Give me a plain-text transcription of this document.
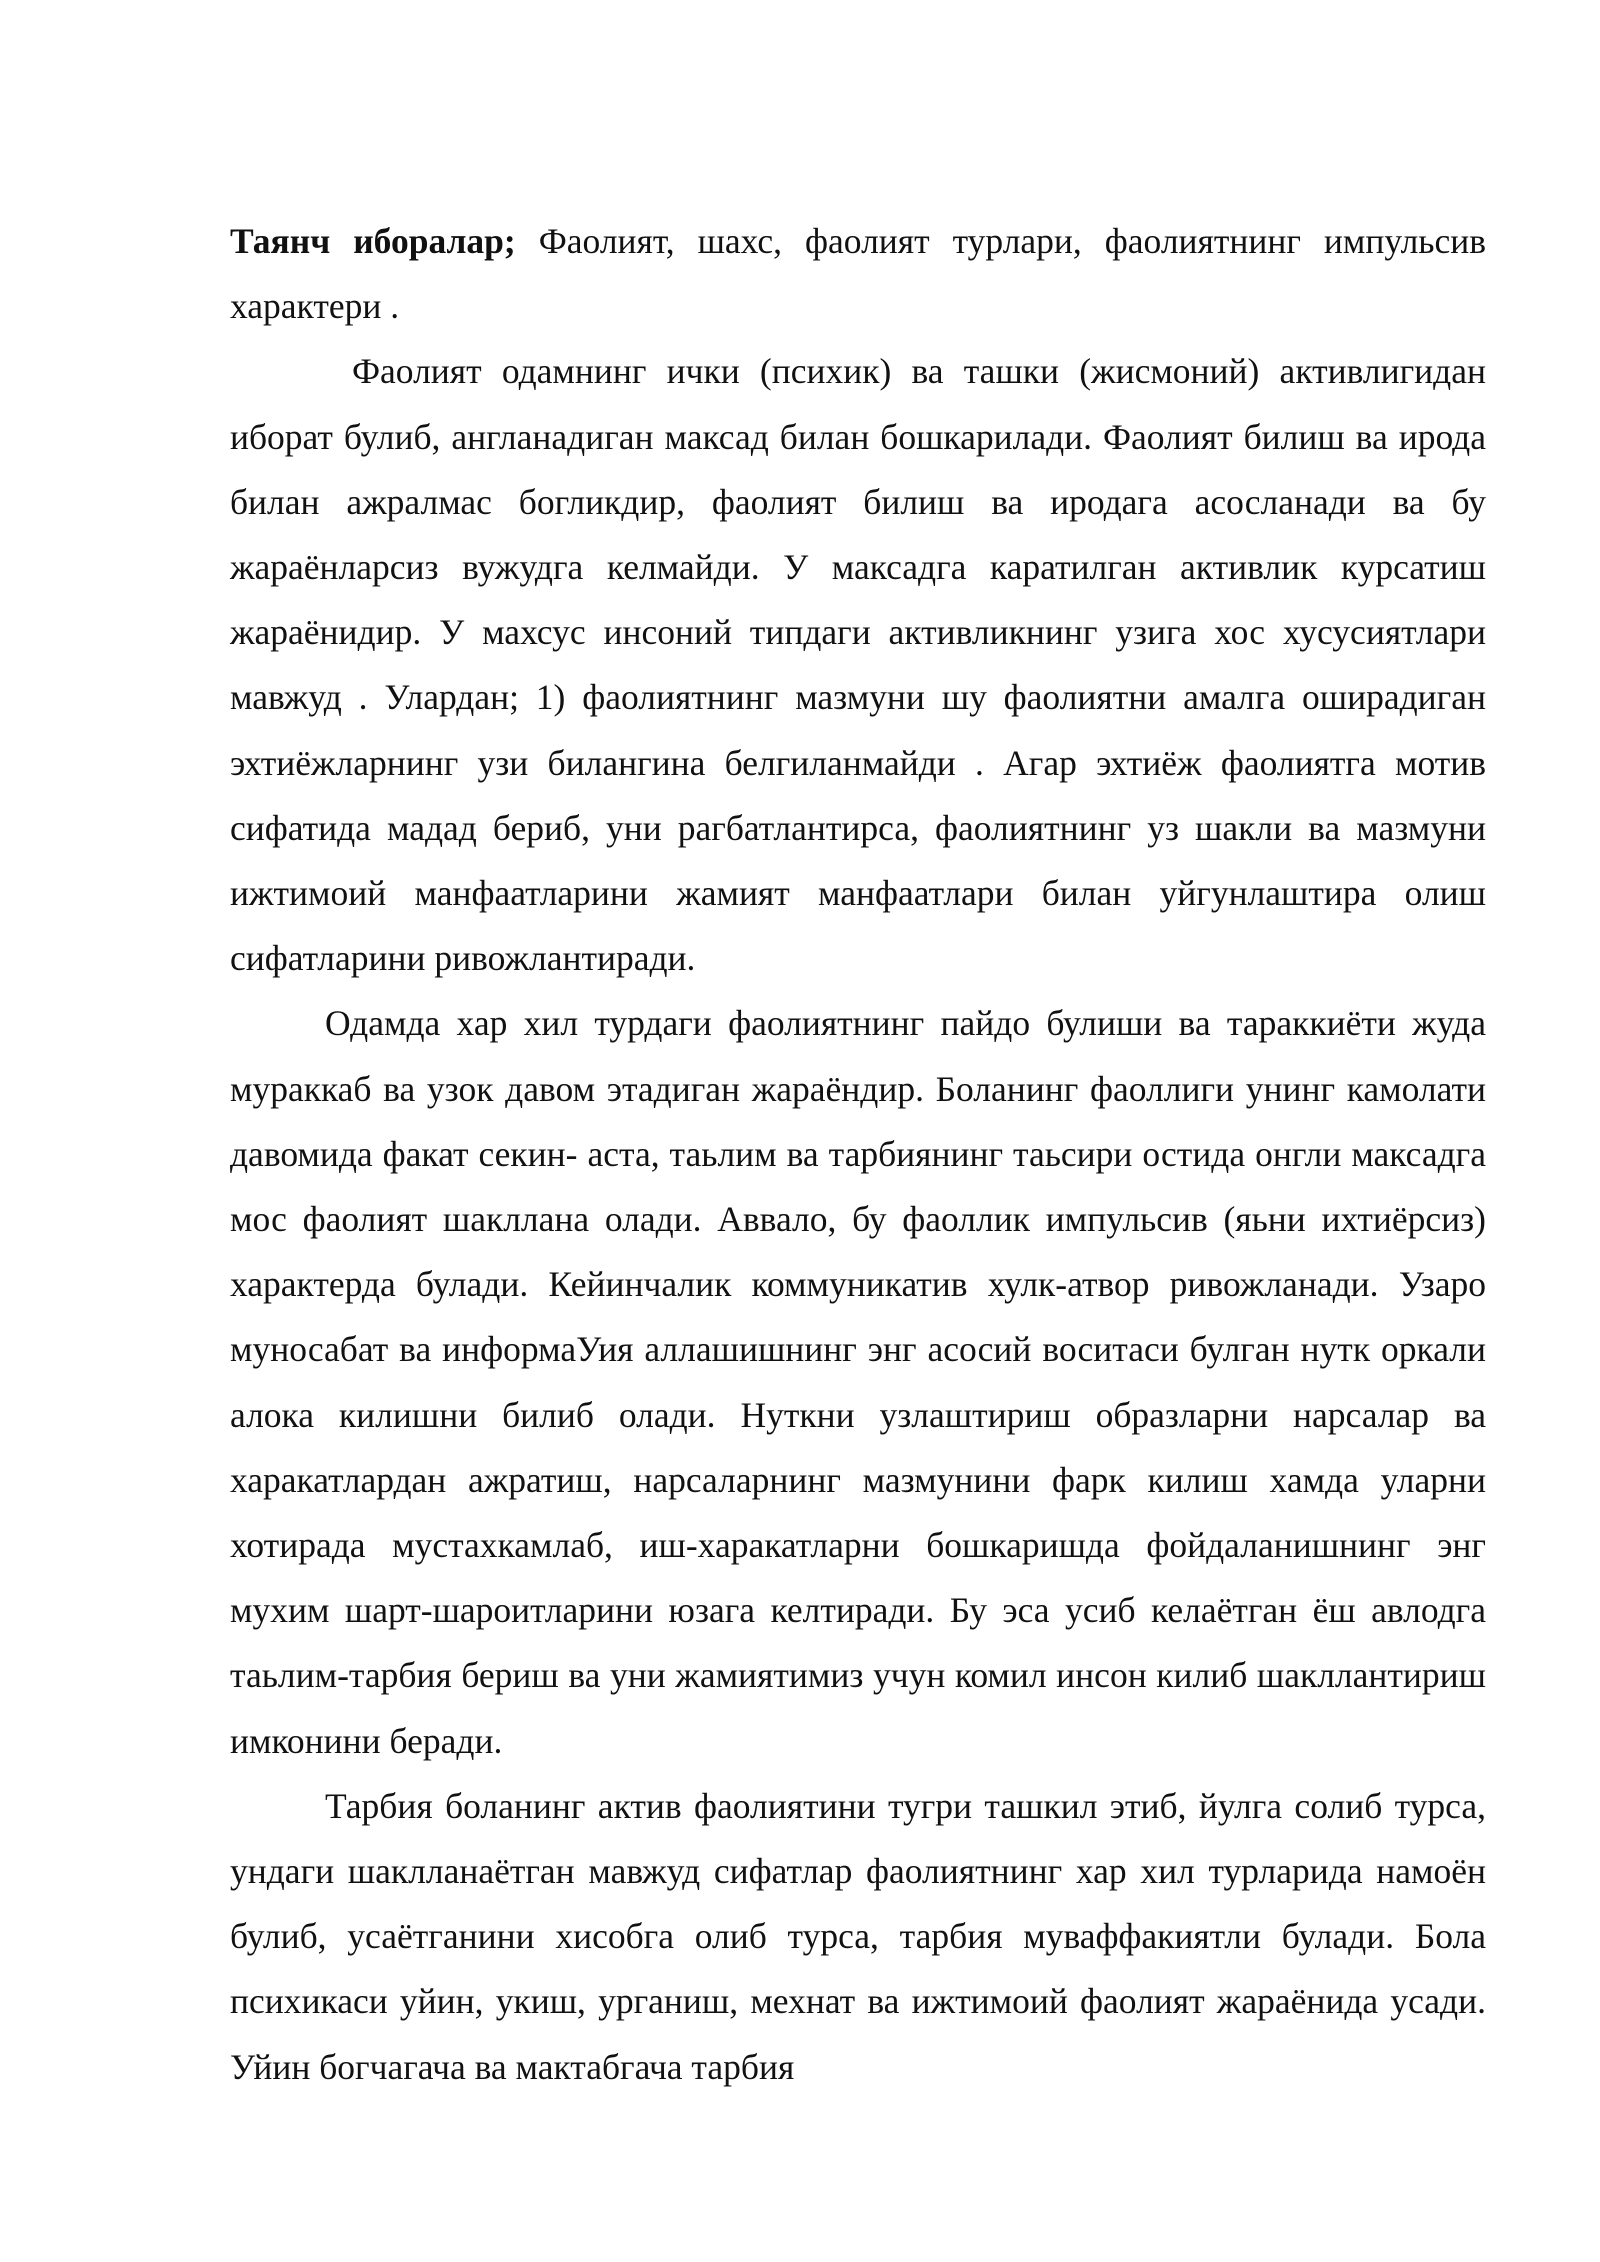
Таянч иборалар; Фаолият, шахс, фаолият турлари, фаолиятнинг импульсив характери .

Фаолият одамнинг ички (психик) ва ташки (жисмоний) активлигидан иборат булиб, англанадиган максад билан бошкарилади. Фаолият билиш ва ирода билан ажралмас богликдир, фаолият билиш ва иродага асосланади ва бу жараёнларсиз вужудга келмайди. У максадга каратилган активлик курсатиш жараёнидир. У махсус инсоний типдаги активликнинг узига хос хусусиятлари мавжуд . Улардан; 1) фаолиятнинг мазмуни шу фаолиятни амалга оширадиган эхтиёжларнинг узи билангина белгиланмайди . Агар эхтиёж фаолиятга мотив сифатида мадад бериб, уни рагбатлантирса, фаолиятнинг уз шакли ва мазмуни ижтимоий манфаатларини жамият манфаатлари билан уйгунлаштира олиш сифатларини ривожлантиради.

Одамда хар хил турдаги фаолиятнинг пайдо булиши ва тараккиёти жуда мураккаб ва узок давом этадиган жараёндир. Боланинг фаоллиги унинг камолати давомида факат секин- аста, таьлим ва тарбиянинг таьсири остида онгли максадга мос фаолият шакллана олади. Аввало, бу фаоллик импульсив (яьни ихтиёрсиз) характерда булади. Кейинчалик коммуникатив хулк-атвор ривожланади. Узаро муносабат ва информаУия аллашишнинг энг асосий воситаси булган нутк оркали алока килишни билиб олади. Нуткни узлаштириш образларни нарсалар ва харакатлардан ажратиш, нарсаларнинг мазмунини фарк килиш хамда уларни хотирада мустахкамлаб, иш-харакатларни бошкаришда фойдаланишнинг энг мухим шарт-шароитларини юзага келтиради. Бу эса усиб келаётган ёш авлодга таьлим-тарбия бериш ва уни жамиятимиз учун комил инсон килиб шакллантириш имконини беради.

Тарбия боланинг актив фаолиятини тугри ташкил этиб, йулга солиб турса, ундаги шаклланаётган мавжуд сифатлар фаолиятнинг хар хил турларида намоён булиб, усаётганини хисобга олиб турса, тарбия муваффакиятли булади. Бола психикаси уйин, укиш, урганиш, мехнат ва ижтимоий фаолият жараёнида усади. Уйин богчагача ва мактабгача тарбия
